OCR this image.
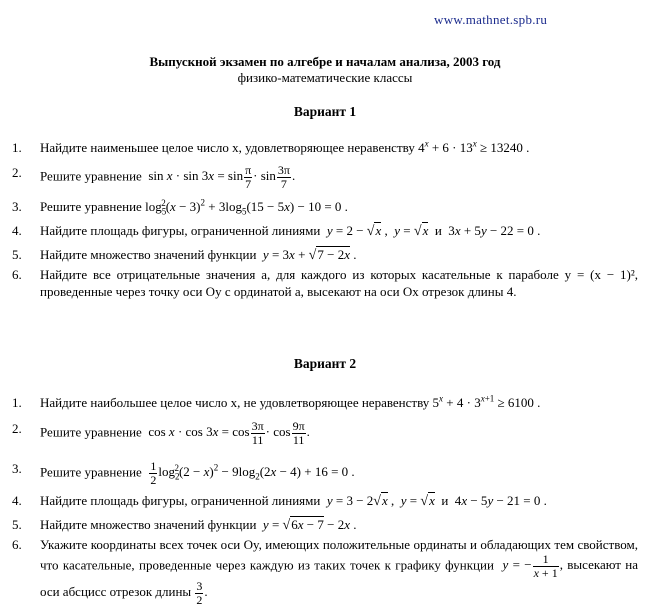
www.mathnet.spb.ru
Выпускной экзамен по алгебре и началам анализа, 2003 год
физико-математические классы
Вариант 1
1. Найдите наименьшее целое число x, удовлетворяющее неравенству $4^x + 6 \cdot 13^x \ge 13240$ .
2. Решите уравнение  $\sin x \cdot \sin 3x = \sin \frac{\pi}{7} \cdot \sin \frac{3\pi}{7}$ .
3. Решите уравнение $\log_5^2(x - 3)^2 + 3\log_5(15 - 5x) - 10 = 0$ .
4. Найдите площадь фигуры, ограниченной линиями y = 2 − √x ,  y = √x  и  3x + 5y − 22 = 0 .
5. Найдите множество значений функции y = 3x + √7 − 2x .
6. Найдите все отрицательные значения a, для каждого из которых касательные к параболе y = (x − 1)², проведенные через точку оси Oy с ординатой a, высекают на оси Ox отрезок длины 4.
Вариант 2
1. Найдите наибольшее целое число x, не удовлетворяющее неравенству $5^x + 4 \cdot 3^{x+1} \ge 6100$ .
2. Решите уравнение  $\cos x \cdot \cos 3x = \cos \frac{3\pi}{11} \cdot \cos \frac{9\pi}{11}$ .
3. Решите уравнение $\frac{1}{2} \log_2^2(2 - x)^2 - 9\log_2(2x - 4) + 16 = 0$ .
4. Найдите площадь фигуры, ограниченной линиями y = 3 − 2√x ,  y = √x  и  4x − 5y − 21 = 0 .
5. Найдите множество значений функции y = √6x − 7 − 2x .
6. Укажите координаты всех точек оси Oy, имеющих положительные ординаты и обладающих тем свойством, что касательные, проведенные через каждую из таких точек к графику функции y = − $\frac{1}{x + 1}$ , высекают на оси абсцисс отрезок длины $\frac{3}{2}$ .
